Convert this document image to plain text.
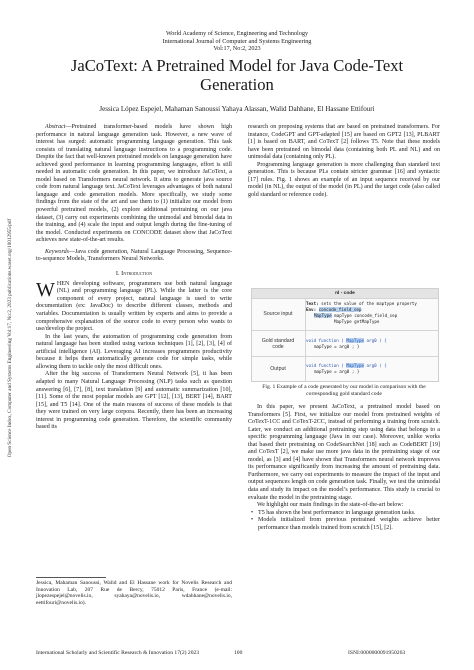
World Academy of Science, Engineering and Technology
International Journal of Computer and Systems Engineering
Vol:17, No:2, 2023
JaCoText: A Pretrained Model for Java Code-Text
Generation
Jessica López Espejel, Mahaman Sanoussi Yahaya Alassan, Walid Dahhane, El Hassane Ettifouri
Open Science Index, Computer and Systems Engineering Vol:17, No:2, 2023 publications.waset.org/10012955/pdf

Abstract—Pretrained transformer-based models have shown high performance in natural language generation task. However, a new wave of interest has surged: automatic programming language generation. This task consists of translating natural language instructions to a programming code. Despite the fact that well-known pretrained models on language generation have achieved good performance in learning programming languages, effort is still needed in automatic code generation. In this paper, we introduce JaCoText, a model based on Transformers neural network. It aims to generate java source code from natural language text. JaCoText leverages advantages of both natural language and code generation models. More specifically, we study some findings from the state of the art and use them to (1) initialize our model from powerful pretrained models, (2) explore additional pretraining on our java dataset, (3) carry out experiments combining the unimodal and bimodal data in the training, and (4) scale the input and output length during the fine-tuning of the model. Conducted experiments on CONCODE dataset show that JaCoText achieves new state-of-the-art results.

Keywords—Java code generation, Natural Language Processing, Sequence-to-sequence Models, Transformers Neural Networks.

I. Introduction

WHEN developing software, programmers use both natural language (NL) and programming language (PL). While the latter is the core component of every project, natural language is used to write documentation (ex: JavaDoc) to describe different classes, methods and variables. Documentation is usually written by experts and aims to provide a comprehensive explanation of the source code to every person who wants to use/develop the project.

In the last years, the automation of programming code generation from natural language has been studied using various techniques [1], [2], [3], [4] of artificial intelligence (AI). Leveraging AI increases programmers productivity because it helps them automatically generate code for simple tasks, while allowing them to tackle only the most difficult ones.

After the big success of Transformers Neural Network [5], it has been adapted to many Natural Language Processing (NLP) tasks such as question answering [6], [7], [8], text translation [9] and automatic summarization [10], [11]. Some of the most popular models are GPT [12], [13], BERT [14], BART [15], and T5 [14]. One of the main reasons of success of these models is that they were trained on very large corpora. Recently, there has been an increasing interest in programming code generation. Therefore, the scientific community based its

Jessica, Mahaman Sanoussi, Walid and El Hassane work for Novelis Research and Innovation Lab, 207 Rue de Bercy, 75012 Paris, France (e-mail: jlopezespejel@novelis.io, syahaya@novelis.io, wdahhane@novelis.io, eettifouri@novelis.io).

research on proposing systems that are based on pretrained transformers. For instance, CodeGPT and GPT-adapted [15] are based on GPT2 [13], PLBART [1] is based on BART, and CoTexT [2] follows T5. Note that these models have been pretrained on bimodal data (containing both PL and NL) and on unimodal data (containing only PL).

Programming language generation is more challenging than standard text generation. This is because PLs contain stricter grammar [16] and syntactic [17] rules. Fig. 1 shows an example of an input sequence received by our model (in NL), the output of the model (in PL) and the target code (also called gold standard or reference code).

nl - code
Source input
Text: sets the value of the maptype property
Env: concode_field_sep
MapType mapType concode_field_sep
MapType getMapType
Gold standard
code
void function ( MapType arg0 ) {
mapType = arg0 ; }
Output
void function ( MapType arg0 ) {
mapType = arg0 ; }
Fig. 1 Example of a code generated by our model in comparison with the corresponding gold standard code

In this paper, we present JaCoText, a pretrained model based on Transformers [5]. First, we initialize our model from pretrained weights of CoTexT-1CC and CoTexT-2CC, instead of performing a training from scratch. Later, we conduct an additional pretraining step using data that belongs to a specific programming language (Java in our case). Moreover, unlike works that based their pretraining on CodeSearchNet [18] such as CodeBERT [19] and CoTexT [2], we make use more java data in the pretraining stage of our model, as [3] and [4] have shown that Transformers neural network improves its performance significantly from increasing the amount of pretraining data. Furthermore, we carry out experiments to measure the impact of the input and output sequences length on code generation task. Finally, we test the unimodal data and study its impact on the model’s performance. This study is crucial to evaluate the model in the pretraining stage.

We highlight our main findings in the state-of-the-art below:

• T5 has shown the best performance in language generation tasks.
• Models initialized from previous pretrained weights achieve better performance than models trained from scratch [15], [2].
International Scholarly and Scientific Research & Innovation 17(2) 2023	100	ISNI:0000000091950263
